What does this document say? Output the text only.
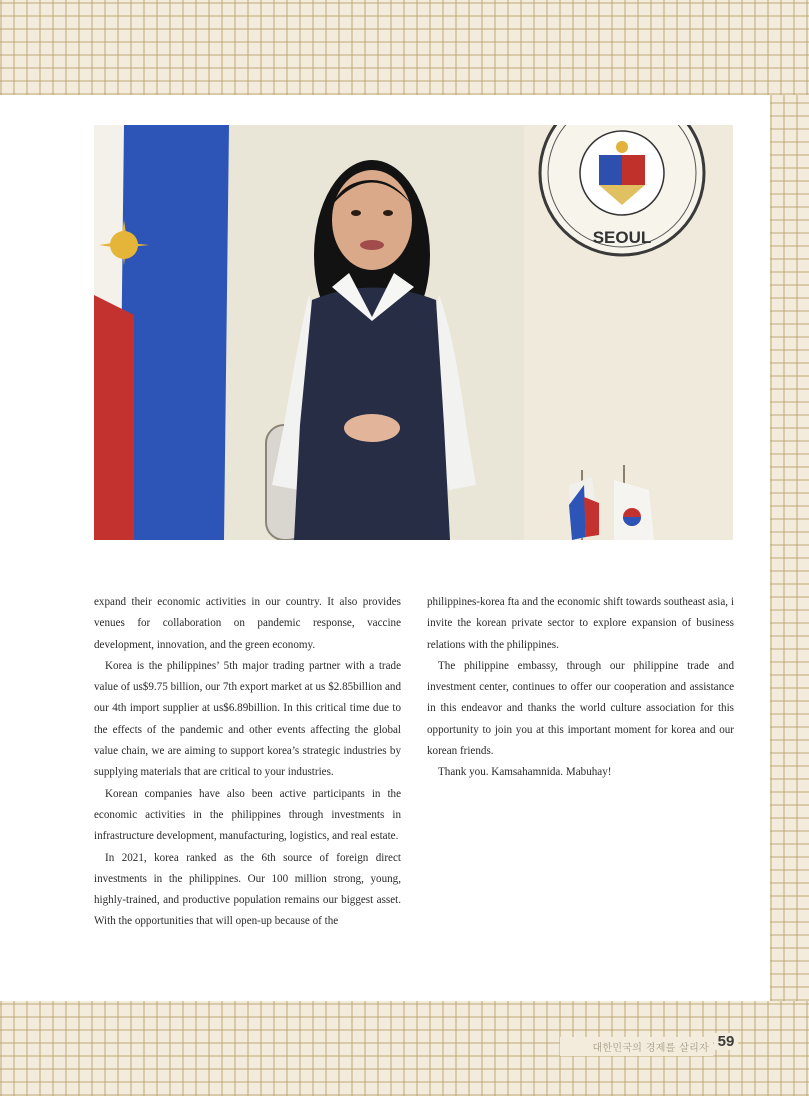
SEOUL

expand their economic activities in our country. It also provides venues for collaboration on pandemic response, vaccine development, innovation, and the green economy.

Korea is the philippines’ 5th major trading partner with a trade value of us$9.75 billion, our 7th export market at us $2.85billion and our 4th import supplier at us$6.89billion. In this critical time due to the effects of the pandemic and other events affecting the global value chain, we are aiming to support korea’s strategic industries by supplying materials that are critical to your industries.

Korean companies have also been active participants in the economic activities in the philippines through investments in infrastructure development, manufacturing, logistics, and real estate.

In 2021, korea ranked as the 6th source of foreign direct investments in the philippines. Our 100 million strong, young, highly-trained, and productive population remains our biggest asset. With the opportunities that will open-up because of the

philippines-korea fta and the economic shift towards southeast asia, i invite the korean private sector to explore expansion of business relations with the philippines.

The philippine embassy, through our philippine trade and investment center, continues to offer our cooperation and assistance in this endeavor and thanks the world culture association for this opportunity to join you at this important moment for korea and our korean friends.

Thank you. Kamsahamnida. Mabuhay!

대한민국의 경제를 살리자 59
